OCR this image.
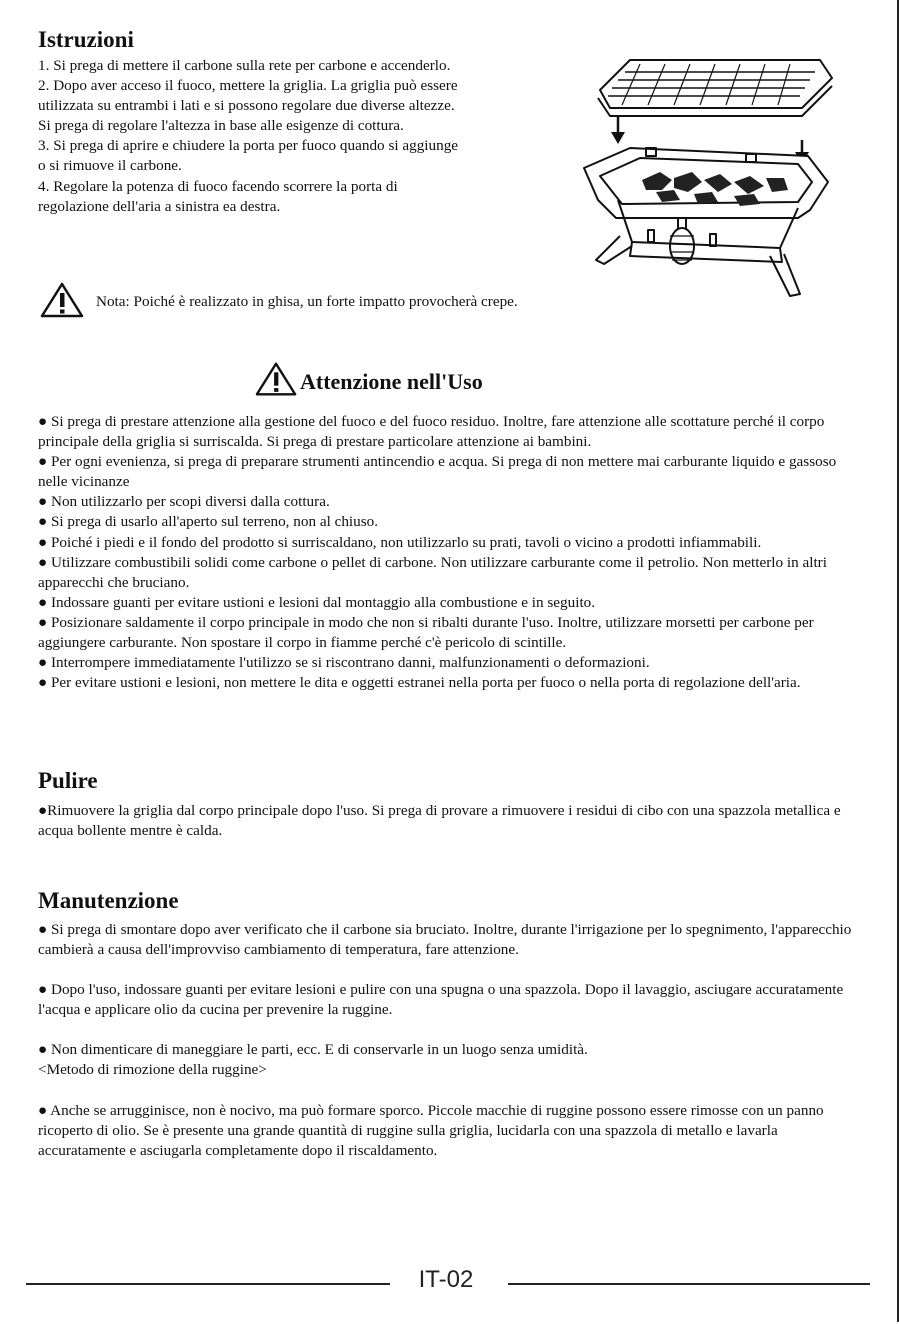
Istruzioni

1. Si prega di mettere il carbone sulla rete per carbone e accenderlo.
2. Dopo aver acceso il fuoco, mettere la griglia. La griglia può essere
utilizzata su entrambi i lati e si possono regolare due diverse altezze.
Si prega di regolare l'altezza in base alle esigenze di cottura.
3. Si prega di aprire e chiudere la porta per fuoco quando si aggiunge
o si rimuove il carbone.
4. Regolare la potenza di fuoco facendo scorrere la porta di
regolazione dell'aria a sinistra ea destra.

Nota: Poiché è realizzato in ghisa, un forte impatto provocherà crepe.
Attenzione nell'Uso

● Si prega di prestare attenzione alla gestione del fuoco e del fuoco residuo. Inoltre, fare attenzione alle scottature perché il corpo principale della griglia si surriscalda. Si prega di prestare particolare attenzione ai bambini.

● Per ogni evenienza, si prega di preparare strumenti antincendio e acqua. Si prega di non mettere mai carburante liquido e gassoso nelle vicinanze

● Non utilizzarlo per scopi diversi dalla cottura.

● Si prega di usarlo all'aperto sul terreno, non al chiuso.

● Poiché i piedi e il fondo del prodotto si surriscaldano, non utilizzarlo su prati, tavoli o vicino a prodotti infiammabili.

● Utilizzare combustibili solidi come carbone o pellet di carbone. Non utilizzare carburante come il petrolio. Non metterlo in altri apparecchi che bruciano.

● Indossare guanti per evitare ustioni e lesioni dal montaggio alla combustione e in seguito.

● Posizionare saldamente il corpo principale in modo che non si ribalti durante l'uso. Inoltre, utilizzare morsetti per carbone per aggiungere carburante. Non spostare il corpo in fiamme perché c'è pericolo di scintille.

● Interrompere immediatamente l'utilizzo se si riscontrano danni, malfunzionamenti o deformazioni.

● Per evitare ustioni e lesioni, non mettere le dita e oggetti estranei nella porta per fuoco o nella porta di regolazione dell'aria.

Pulire

●Rimuovere la griglia dal corpo principale dopo l'uso. Si prega di provare a rimuovere i residui di cibo con una spazzola metallica e acqua bollente mentre è calda.

Manutenzione

● Si prega di smontare dopo aver verificato che il carbone sia bruciato. Inoltre, durante l'irrigazione per lo spegnimento, l'apparecchio cambierà a causa dell'improvviso cambiamento di temperatura, fare attenzione.

● Dopo l'uso, indossare guanti per evitare lesioni e pulire con una spugna o una spazzola. Dopo il lavaggio, asciugare accuratamente l'acqua e applicare olio da cucina per prevenire la ruggine.

● Non dimenticare di maneggiare le parti, ecc. E di conservarle in un luogo senza umidità.

<Metodo di rimozione della ruggine>

● Anche se arrugginisce, non è nocivo, ma può formare sporco. Piccole macchie di ruggine possono essere rimosse con un panno ricoperto di olio. Se è presente una grande quantità di ruggine sulla griglia, lucidarla con una spazzola di metallo e lavarla accuratamente e asciugarla completamente dopo il riscaldamento.

IT-02
